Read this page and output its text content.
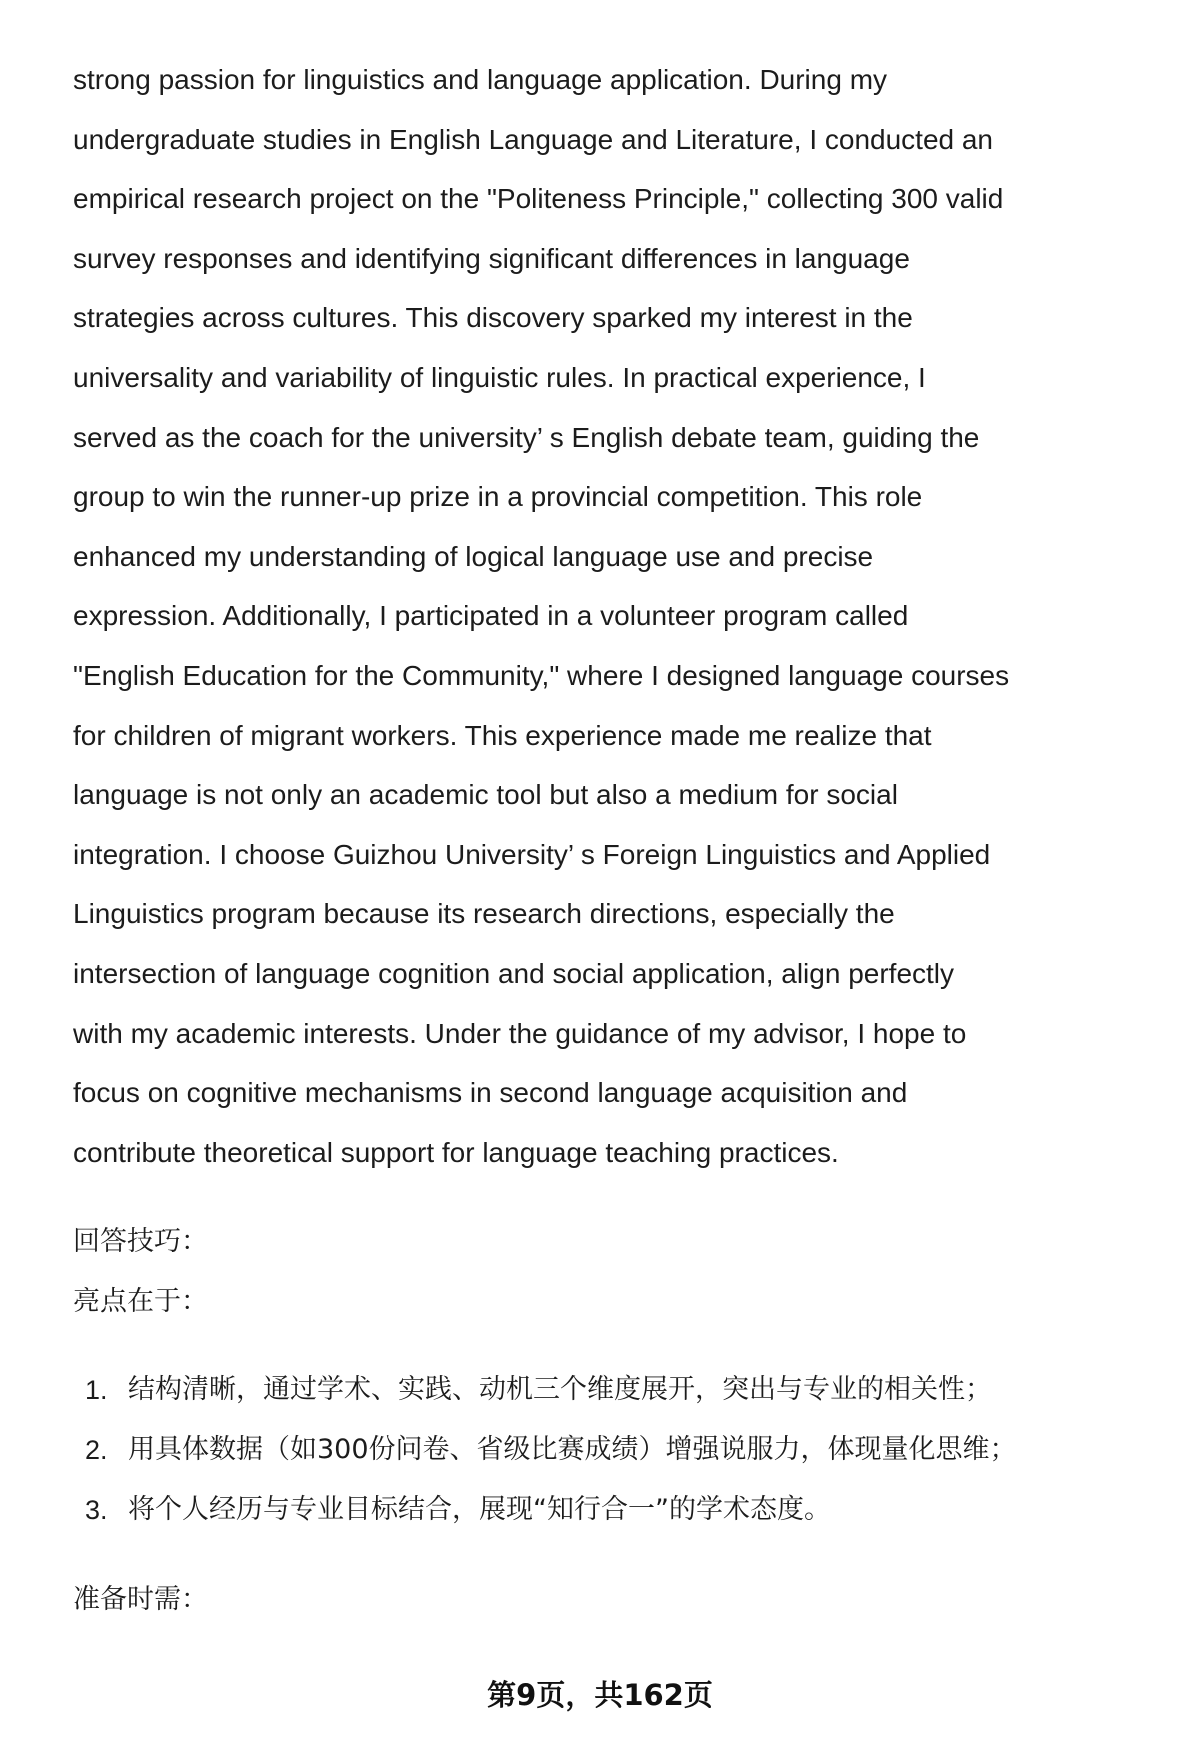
strong passion for linguistics and language application. During my
undergraduate studies in English Language and Literature, I conducted an
empirical research project on the "Politeness Principle," collecting 300 valid
survey responses and identifying significant differences in language
strategies across cultures. This discovery sparked my interest in the
universality and variability of linguistic rules. In practical experience, I
served as the coach for the university’ s English debate team, guiding the
group to win the runner-up prize in a provincial competition. This role
enhanced my understanding of logical language use and precise
expression. Additionally, I participated in a volunteer program called
"English Education for the Community," where I designed language courses
for children of migrant workers. This experience made me realize that
language is not only an academic tool but also a medium for social
integration. I choose Guizhou University’ s Foreign Linguistics and Applied
Linguistics program because its research directions, especially the
intersection of language cognition and social application, align perfectly
with my academic interests. Under the guidance of my advisor, I hope to
focus on cognitive mechanisms in second language acquisition and
contribute theoretical support for language teaching practices.
回答技巧：
亮点在于：
1. 结构清晰，通过学术、实践、动机三个维度展开，突出与专业的相关性；
2. 用具体数据（如300份问卷、省级比赛成绩）增强说服力，体现量化思维；
3. 将个人经历与专业目标结合，展现“知行合一”的学术态度。
准备时需：
第9页，共162页
